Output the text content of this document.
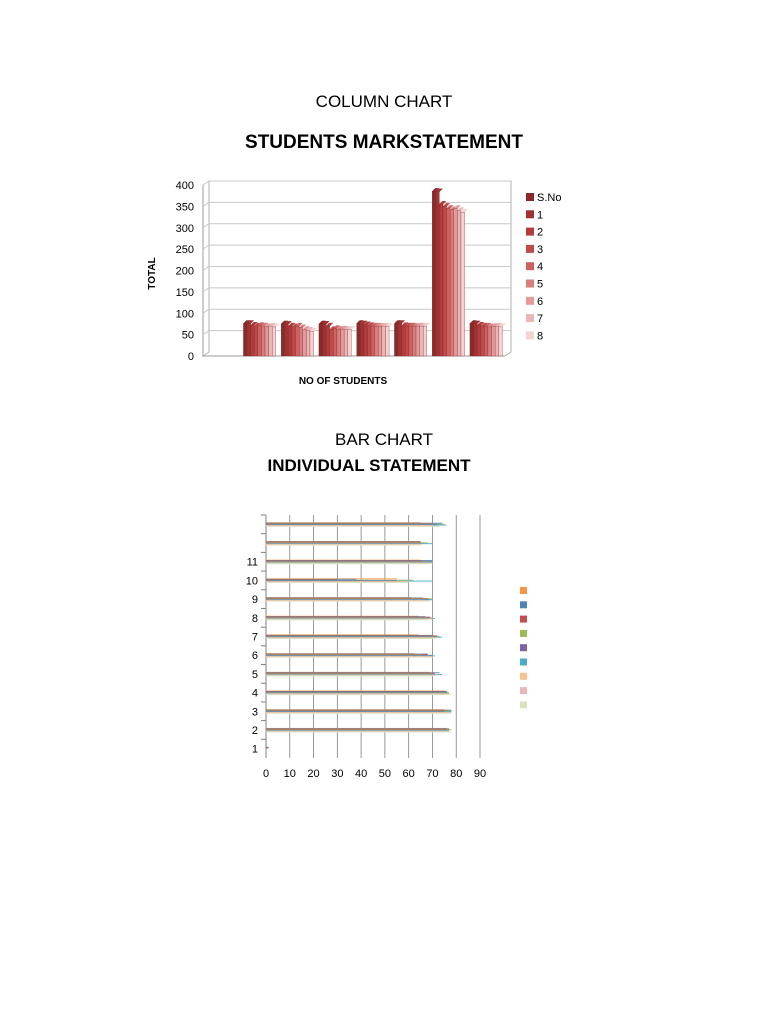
COLUMN CHART
STUDENTS MARKSTATEMENT
BAR CHART
INDIVIDUAL STATEMENT
0
50
100
150
200
250
300
350
400
TOTAL
NO OF STUDENTS
S.No
1
2
3
4
5
6
7
8
0 10 20 30 40 50 60 70 80 90
1
2
3
4
5
6
7
8
9
10
11
